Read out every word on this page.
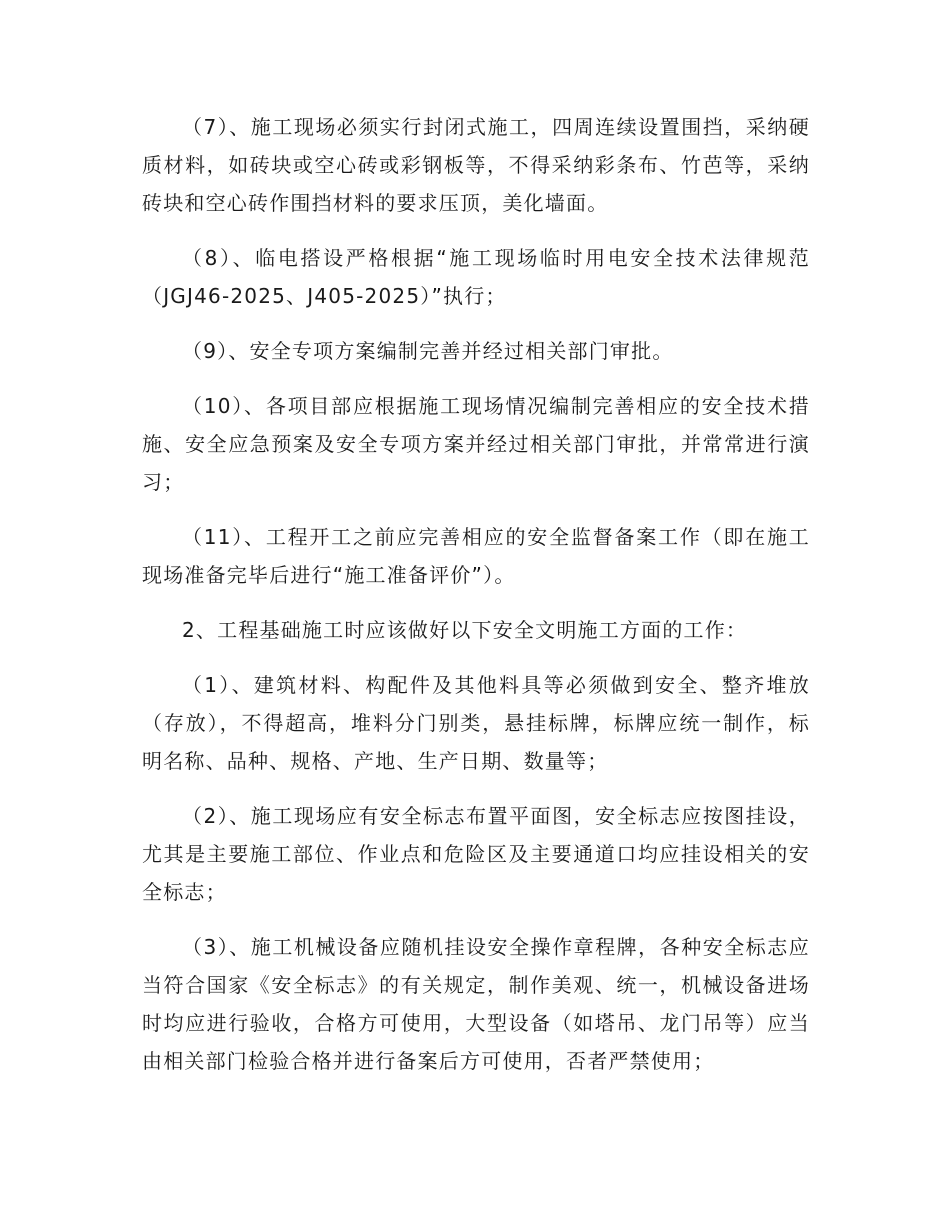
（7）、施工现场必须实行封闭式施工，四周连续设置围挡，采纳硬质材料，如砖块或空心砖或彩钢板等，不得采纳彩条布、竹芭等，采纳砖块和空心砖作围挡材料的要求压顶，美化墙面。

（8）、临电搭设严格根据“施工现场临时用电安全技术法律规范（JGJ46-2025、J405-2025）”执行；

（9）、安全专项方案编制完善并经过相关部门审批。

（10）、各项目部应根据施工现场情况编制完善相应的安全技术措施、安全应急预案及安全专项方案并经过相关部门审批，并常常进行演习；

（11）、工程开工之前应完善相应的安全监督备案工作（即在施工现场准备完毕后进行“施工准备评价”）。

2、工程基础施工时应该做好以下安全文明施工方面的工作：

（1）、建筑材料、构配件及其他料具等必须做到安全、整齐堆放（存放），不得超高，堆料分门别类，悬挂标牌，标牌应统一制作，标明名称、品种、规格、产地、生产日期、数量等；

（2）、施工现场应有安全标志布置平面图，安全标志应按图挂设，尤其是主要施工部位、作业点和危险区及主要通道口均应挂设相关的安全标志；

（3）、施工机械设备应随机挂设安全操作章程牌，各种安全标志应当符合国家《安全标志》的有关规定，制作美观、统一，机械设备进场时均应进行验收，合格方可使用，大型设备（如塔吊、龙门吊等）应当由相关部门检验合格并进行备案后方可使用，否者严禁使用；
